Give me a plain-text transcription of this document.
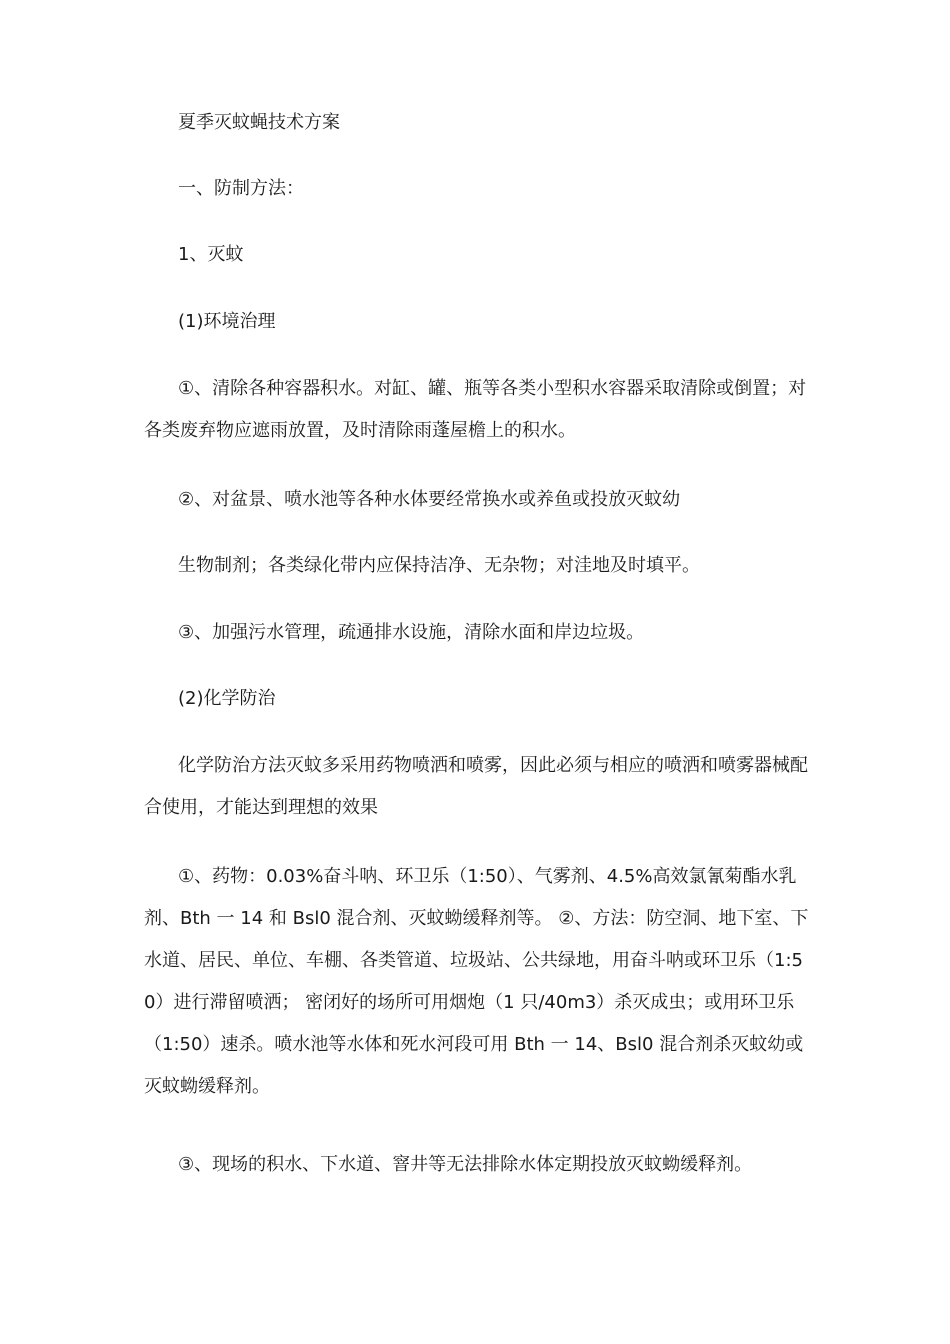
夏季灭蚊蝇技术方案

一、防制方法：

1、灭蚊

(1)环境治理

①、清除各种容器积水。对缸、罐、瓶等各类小型积水容器采取清除或倒置；对各类废弃物应遮雨放置，及时清除雨蓬屋檐上的积水。

②、对盆景、喷水池等各种水体要经常换水或养鱼或投放灭蚊幼

生物制剂；各类绿化带内应保持洁净、无杂物；对洼地及时填平。

③、加强污水管理，疏通排水设施，清除水面和岸边垃圾。

(2)化学防治

化学防治方法灭蚊多采用药物喷洒和喷雾，因此必须与相应的喷洒和喷雾器械配合使用，才能达到理想的效果

①、药物：0.03%奋斗呐、环卫乐（1:50）、气雾剂、4.5%高效氯氰菊酯水乳剂、Bth 一 14 和 Bsl0 混合剂、灭蚊蚴缓释剂等。 ②、方法：防空洞、地下室、下水道、居民、单位、车棚、各类管道、垃圾站、公共绿地，用奋斗呐或环卫乐（1:50）进行滞留喷洒； 密闭好的场所可用烟炮（1 只/40m3）杀灭成虫；或用环卫乐（1:50）速杀。喷水池等水体和死水河段可用 Bth 一 14、Bsl0 混合剂杀灭蚊幼或灭蚊蚴缓释剂。

③、现场的积水、下水道、窨井等无法排除水体定期投放灭蚊蚴缓释剂。
